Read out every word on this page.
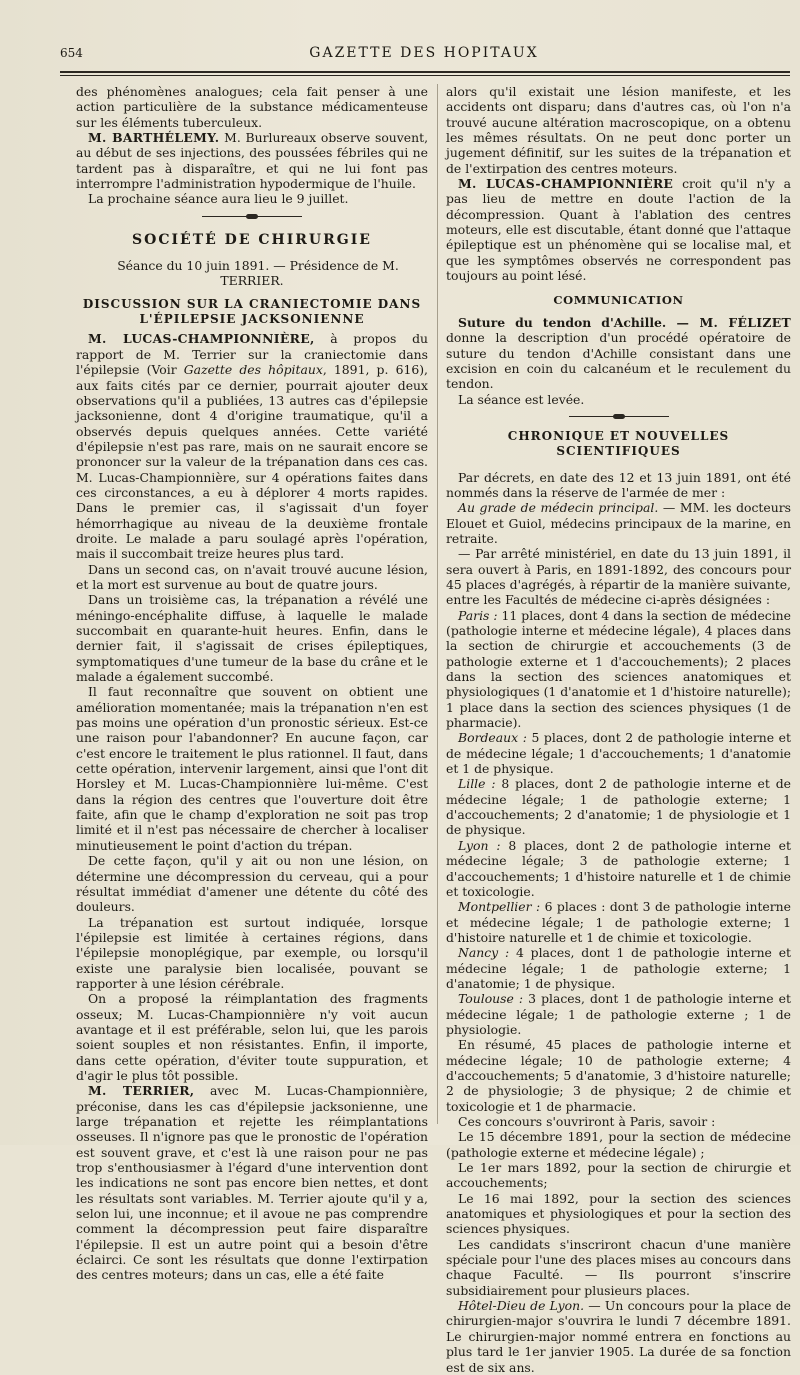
654	GAZETTE DES HOPITAUX

des phénomènes analogues; cela fait penser à une action particulière de la substance médicamenteuse sur les éléments tuberculeux.

M. BARTHÉLEMY. M. Burlureaux observe souvent, au début de ses injections, des poussées fébriles qui ne tardent pas à disparaître, et qui ne lui font pas interrompre l'administration hypodermique de l'huile.

La prochaine séance aura lieu le 9 juillet.

SOCIÉTÉ DE CHIRURGIE

Séance du 10 juin 1891. — Présidence de M. TERRIER.

DISCUSSION SUR LA CRANIECTOMIE DANS L'ÉPILEPSIE JACKSONIENNE

M. LUCAS-CHAMPIONNIÈRE, à propos du rapport de M. Terrier sur la craniectomie dans l'épilepsie (Voir Gazette des hôpitaux, 1891, p. 616), aux faits cités par ce dernier, pourrait ajouter deux observations qu'il a publiées, 13 autres cas d'épilepsie jacksonienne, dont 4 d'origine traumatique, qu'il a observés depuis quelques années. Cette variété d'épilepsie n'est pas rare, mais on ne saurait encore se prononcer sur la valeur de la trépanation dans ces cas. M. Lucas-Championnière, sur 4 opérations faites dans ces circonstances, a eu à déplorer 4 morts rapides. Dans le premier cas, il s'agissait d'un foyer hémorrhagique au niveau de la deuxième frontale droite. Le malade a paru soulagé après l'opération, mais il succombait treize heures plus tard.

Dans un second cas, on n'avait trouvé aucune lésion, et la mort est survenue au bout de quatre jours.

Dans un troisième cas, la trépanation a révélé une méningo-encéphalite diffuse, à laquelle le malade succombait en quarante-huit heures. Enfin, dans le dernier fait, il s'agissait de crises épileptiques, symptomatiques d'une tumeur de la base du crâne et le malade a également succombé.

Il faut reconnaître que souvent on obtient une amélioration momentanée; mais la trépanation n'en est pas moins une opération d'un pronostic sérieux. Est-ce une raison pour l'abandonner? En aucune façon, car c'est encore le traitement le plus rationnel. Il faut, dans cette opération, intervenir largement, ainsi que l'ont dit Horsley et M. Lucas-Championnière lui-même. C'est dans la région des centres que l'ouverture doit être faite, afin que le champ d'exploration ne soit pas trop limité et il n'est pas nécessaire de chercher à localiser minutieusement le point d'action du trépan.

De cette façon, qu'il y ait ou non une lésion, on détermine une décompression du cerveau, qui a pour résultat immédiat d'amener une détente du côté des douleurs.

La trépanation est surtout indiquée, lorsque l'épilepsie est limitée à certaines régions, dans l'épilepsie monoplégique, par exemple, ou lorsqu'il existe une paralysie bien localisée, pouvant se rapporter à une lésion cérébrale.

On a proposé la réimplantation des fragments osseux; M. Lucas-Championnière n'y voit aucun avantage et il est préférable, selon lui, que les parois soient souples et non résistantes. Enfin, il importe, dans cette opération, d'éviter toute suppuration, et d'agir le plus tôt possible.

M. TERRIER, avec M. Lucas-Championnière, préconise, dans les cas d'épilepsie jacksonienne, une large trépanation et rejette les réimplantations osseuses. Il n'ignore pas que le pronostic de l'opération est souvent grave, et c'est là une raison pour ne pas trop s'enthousiasmer à l'égard d'une intervention dont les indications ne sont pas encore bien nettes, et dont les résultats sont variables. M. Terrier ajoute qu'il y a, selon lui, une inconnue; et il avoue ne pas comprendre comment la décompression peut faire disparaître l'épilepsie. Il est un autre point qui a besoin d'être éclairci. Ce sont les résultats que donne l'extirpation des centres moteurs; dans un cas, elle a été faite

alors qu'il existait une lésion manifeste, et les accidents ont disparu; dans d'autres cas, où l'on n'a trouvé aucune altération macroscopique, on a obtenu les mêmes résultats. On ne peut donc porter un jugement définitif, sur les suites de la trépanation et de l'extirpation des centres moteurs.

M. LUCAS-CHAMPIONNIÈRE croit qu'il n'y a pas lieu de mettre en doute l'action de la décompression. Quant à l'ablation des centres moteurs, elle est discutable, étant donné que l'attaque épileptique est un phénomène qui se localise mal, et que les symptômes observés ne correspondent pas toujours au point lésé.

COMMUNICATION

Suture du tendon d'Achille. — M. FÉLIZET donne la description d'un procédé opératoire de suture du tendon d'Achille consistant dans une excision en coin du calcanéum et le reculement du tendon.

La séance est levée.

CHRONIQUE ET NOUVELLES SCIENTIFIQUES

Par décrets, en date des 12 et 13 juin 1891, ont été nommés dans la réserve de l'armée de mer :

Au grade de médecin principal. — MM. les docteurs Elouet et Guiol, médecins principaux de la marine, en retraite.

— Par arrêté ministériel, en date du 13 juin 1891, il sera ouvert à Paris, en 1891-1892, des concours pour 45 places d'agrégés, à répartir de la manière suivante, entre les Facultés de médecine ci-après désignées :

Paris : 11 places, dont 4 dans la section de médecine (pathologie interne et médecine légale), 4 places dans la section de chirurgie et accouchements (3 de pathologie externe et 1 d'accouchements); 2 places dans la section des sciences anatomiques et physiologiques (1 d'anatomie et 1 d'histoire naturelle); 1 place dans la section des sciences physiques (1 de pharmacie).

Bordeaux : 5 places, dont 2 de pathologie interne et de médecine légale; 1 d'accouchements; 1 d'anatomie et 1 de physique.

Lille : 8 places, dont 2 de pathologie interne et de médecine légale; 1 de pathologie externe; 1 d'accouchements; 2 d'anatomie; 1 de physiologie et 1 de physique.

Lyon : 8 places, dont 2 de pathologie interne et médecine légale; 3 de pathologie externe; 1 d'accouchements; 1 d'histoire naturelle et 1 de chimie et toxicologie.

Montpellier : 6 places : dont 3 de pathologie interne et médecine légale; 1 de pathologie externe; 1 d'histoire naturelle et 1 de chimie et toxicologie.

Nancy : 4 places, dont 1 de pathologie interne et médecine légale; 1 de pathologie externe; 1 d'anatomie; 1 de physique.

Toulouse : 3 places, dont 1 de pathologie interne et médecine légale; 1 de pathologie externe ; 1 de physiologie.

En résumé, 45 places de pathologie interne et médecine légale; 10 de pathologie externe; 4 d'accouchements; 5 d'anatomie, 3 d'histoire naturelle; 2 de physiologie; 3 de physique; 2 de chimie et toxicologie et 1 de pharmacie.

Ces concours s'ouvriront à Paris, savoir :

Le 15 décembre 1891, pour la section de médecine (pathologie externe et médecine légale) ;

Le 1er mars 1892, pour la section de chirurgie et accouchements;

Le 16 mai 1892, pour la section des sciences anatomiques et physiologiques et pour la section des sciences physiques.

Les candidats s'inscriront chacun d'une manière spéciale pour l'une des places mises au concours dans chaque Faculté. — Ils pourront s'inscrire subsidiairement pour plusieurs places.

Hôtel-Dieu de Lyon. — Un concours pour la place de chirurgien-major s'ouvrira le lundi 7 décembre 1891. Le chirurgien-major nommé entrera en fonctions au plus tard le 1er janvier 1905. La durée de sa fonction est de six ans.
